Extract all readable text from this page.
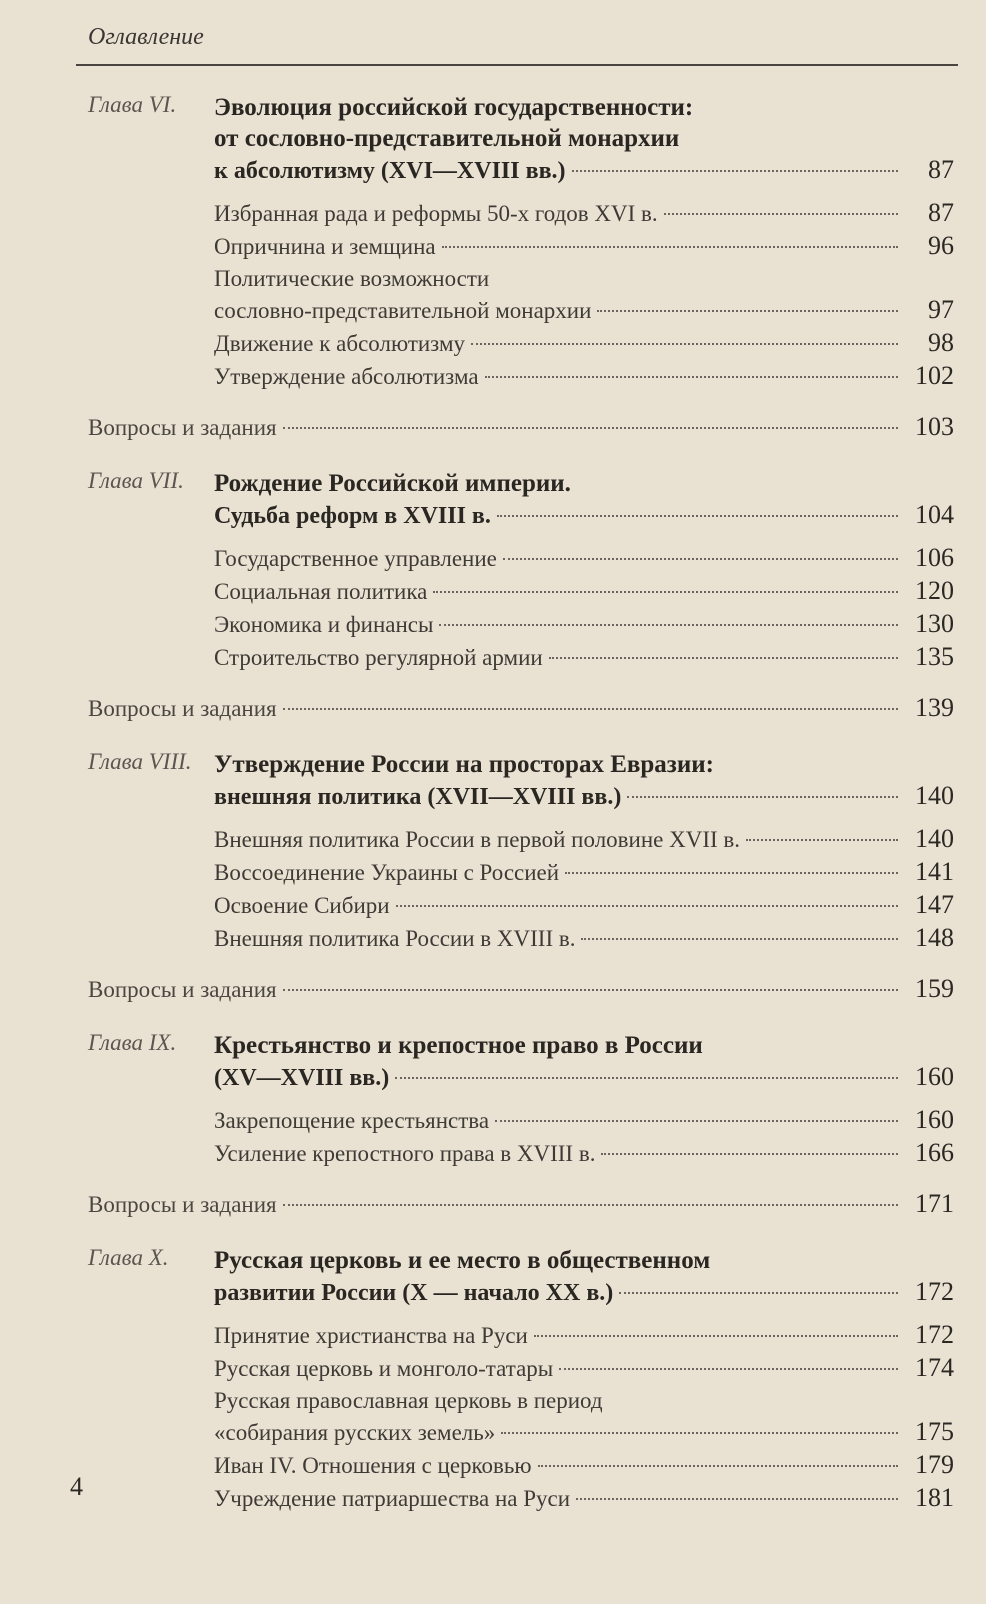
Оглавление
Глава VI. Эволюция российской государственности:
от сословно-представительной монархии
к абсолютизму (XVI—XVIII вв.)	87
Избранная рада и реформы 50-х годов XVI в.	87
Опричнина и земщина	96
Политические возможности
сословно-представительной монархии	97
Движение к абсолютизму	98
Утверждение абсолютизма	102
Вопросы и задания	103
Глава VII. Рождение Российской империи.
Судьба реформ в XVIII в.	104
Государственное управление	106
Социальная политика	120
Экономика и финансы	130
Строительство регулярной армии	135
Вопросы и задания	139
Глава VIII. Утверждение России на просторах Евразии:
внешняя политика (XVII—XVIII вв.)	140
Внешняя политика России в первой половине XVII в.	140
Воссоединение Украины с Россией	141
Освоение Сибири	147
Внешняя политика России в XVIII в.	148
Вопросы и задания	159
Глава IX. Крестьянство и крепостное право в России
(XV—XVIII вв.)	160
Закрепощение крестьянства	160
Усиление крепостного права в XVIII в.	166
Вопросы и задания	171
Глава X. Русская церковь и ее место в общественном
развитии России (X — начало XX в.)	172
Принятие христианства на Руси	172
Русская церковь и монголо-татары	174
Русская православная церковь в период
«собирания русских земель»	175
Иван IV. Отношения с церковью	179
Учреждение патриаршества на Руси	181
4
